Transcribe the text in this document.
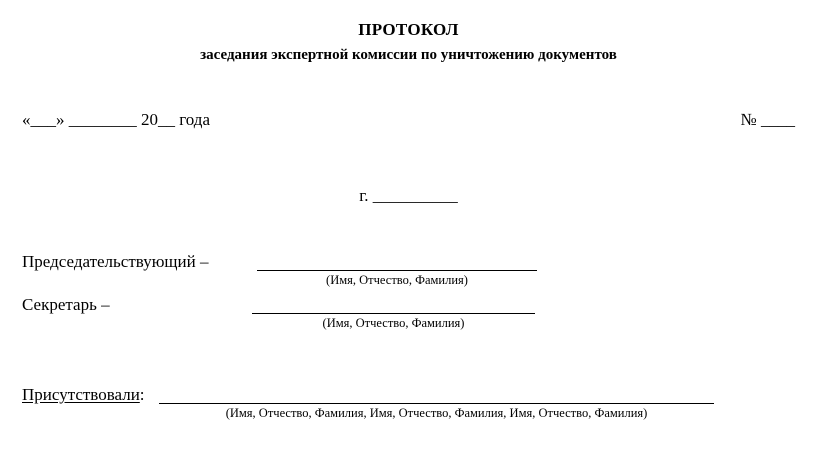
ПРОТОКОЛ
заседания экспертной комиссии по уничтожению документов
«___» ________ 20__ года	№ ____
г. __________
Председательствующий –
(Имя, Отчество, Фамилия)
Секретарь –
(Имя, Отчество, Фамилия)
Присутствовали:
(Имя, Отчество, Фамилия, Имя, Отчество, Фамилия, Имя, Отчество, Фамилия)
